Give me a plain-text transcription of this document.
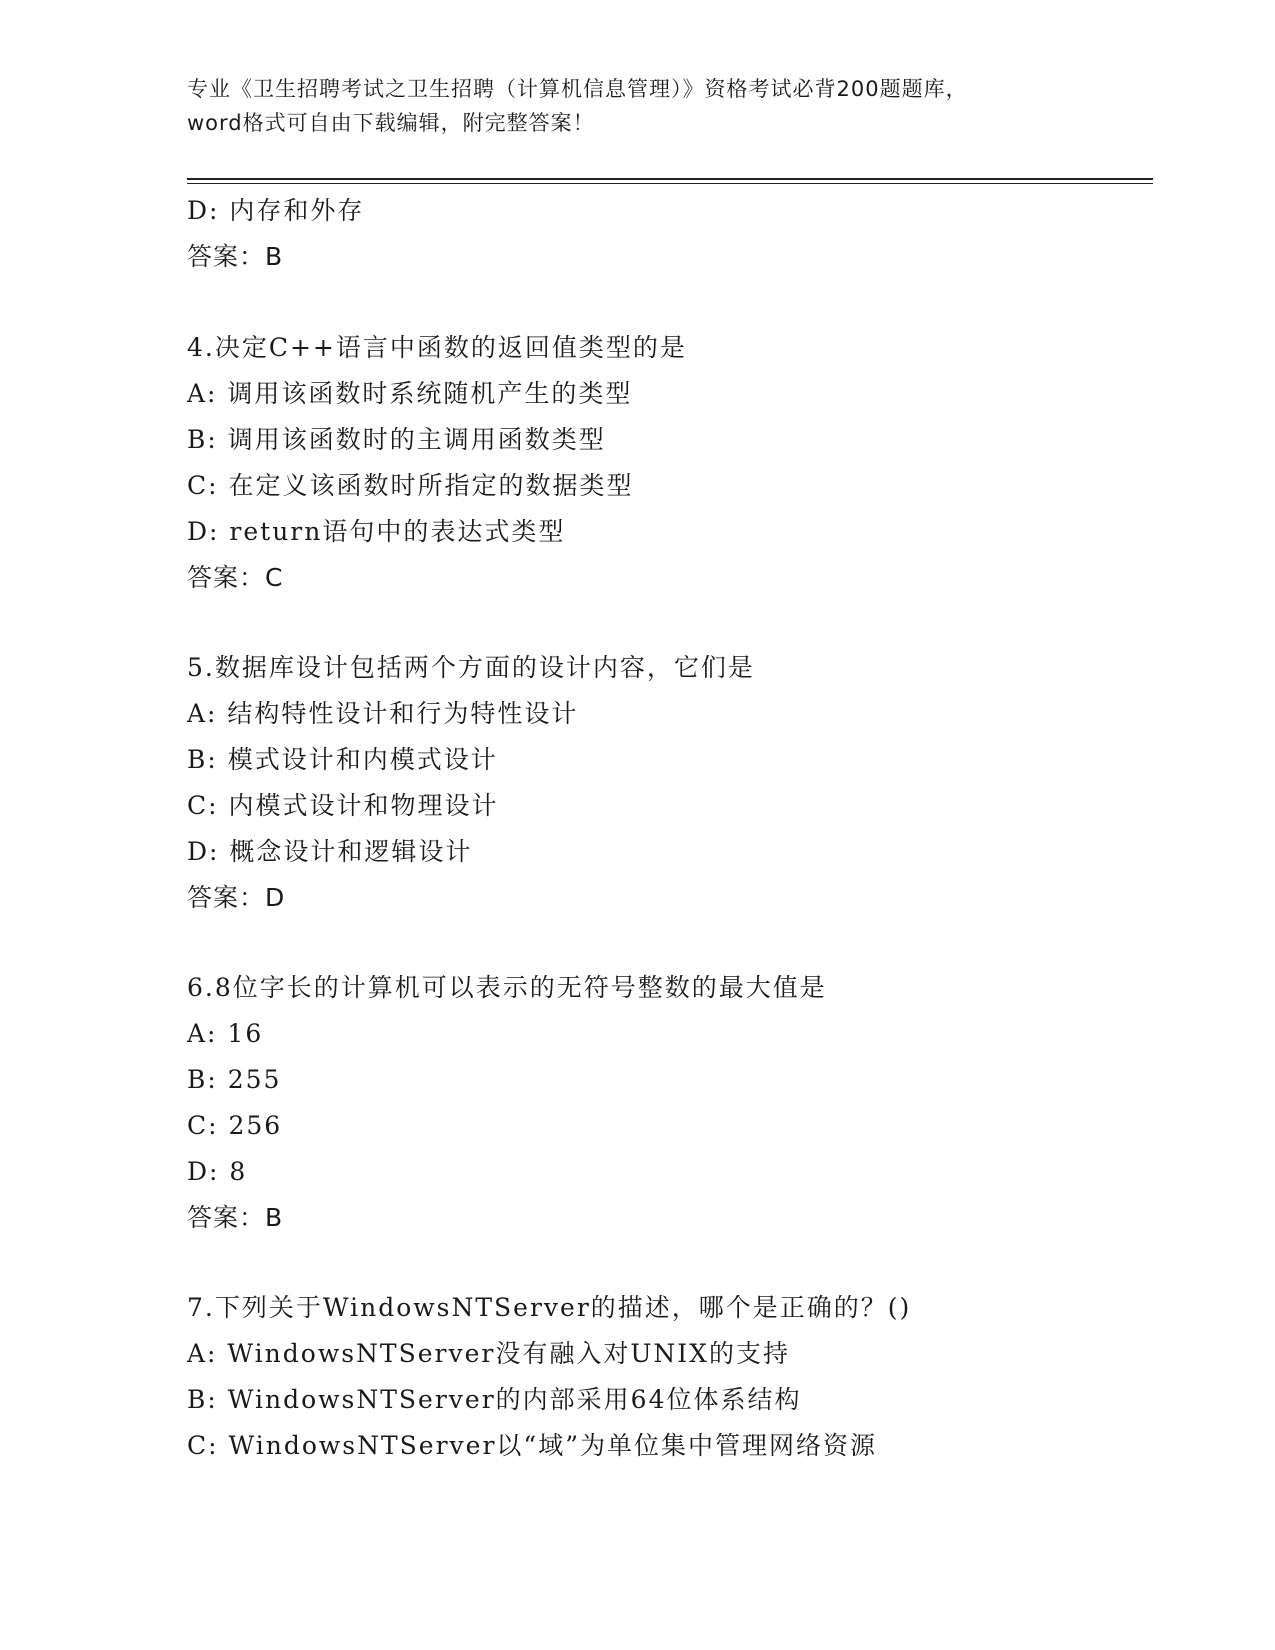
专业《卫生招聘考试之卫生招聘（计算机信息管理）》资格考试必背200题题库，
word格式可自由下载编辑，附完整答案！
D: 内存和外存
答案：B
4.决定C++语言中函数的返回值类型的是
A: 调用该函数时系统随机产生的类型
B: 调用该函数时的主调用函数类型
C: 在定义该函数时所指定的数据类型
D: return语句中的表达式类型
答案：C
5.数据库设计包括两个方面的设计内容，它们是
A: 结构特性设计和行为特性设计
B: 模式设计和内模式设计
C: 内模式设计和物理设计
D: 概念设计和逻辑设计
答案：D
6.8位字长的计算机可以表示的无符号整数的最大值是
A: 16
B: 255
C: 256
D: 8
答案：B
7.下列关于WindowsNTServer的描述，哪个是正确的？()
A: WindowsNTServer没有融入对UNIX的支持
B: WindowsNTServer的内部采用64位体系结构
C: WindowsNTServer以“域”为单位集中管理网络资源
